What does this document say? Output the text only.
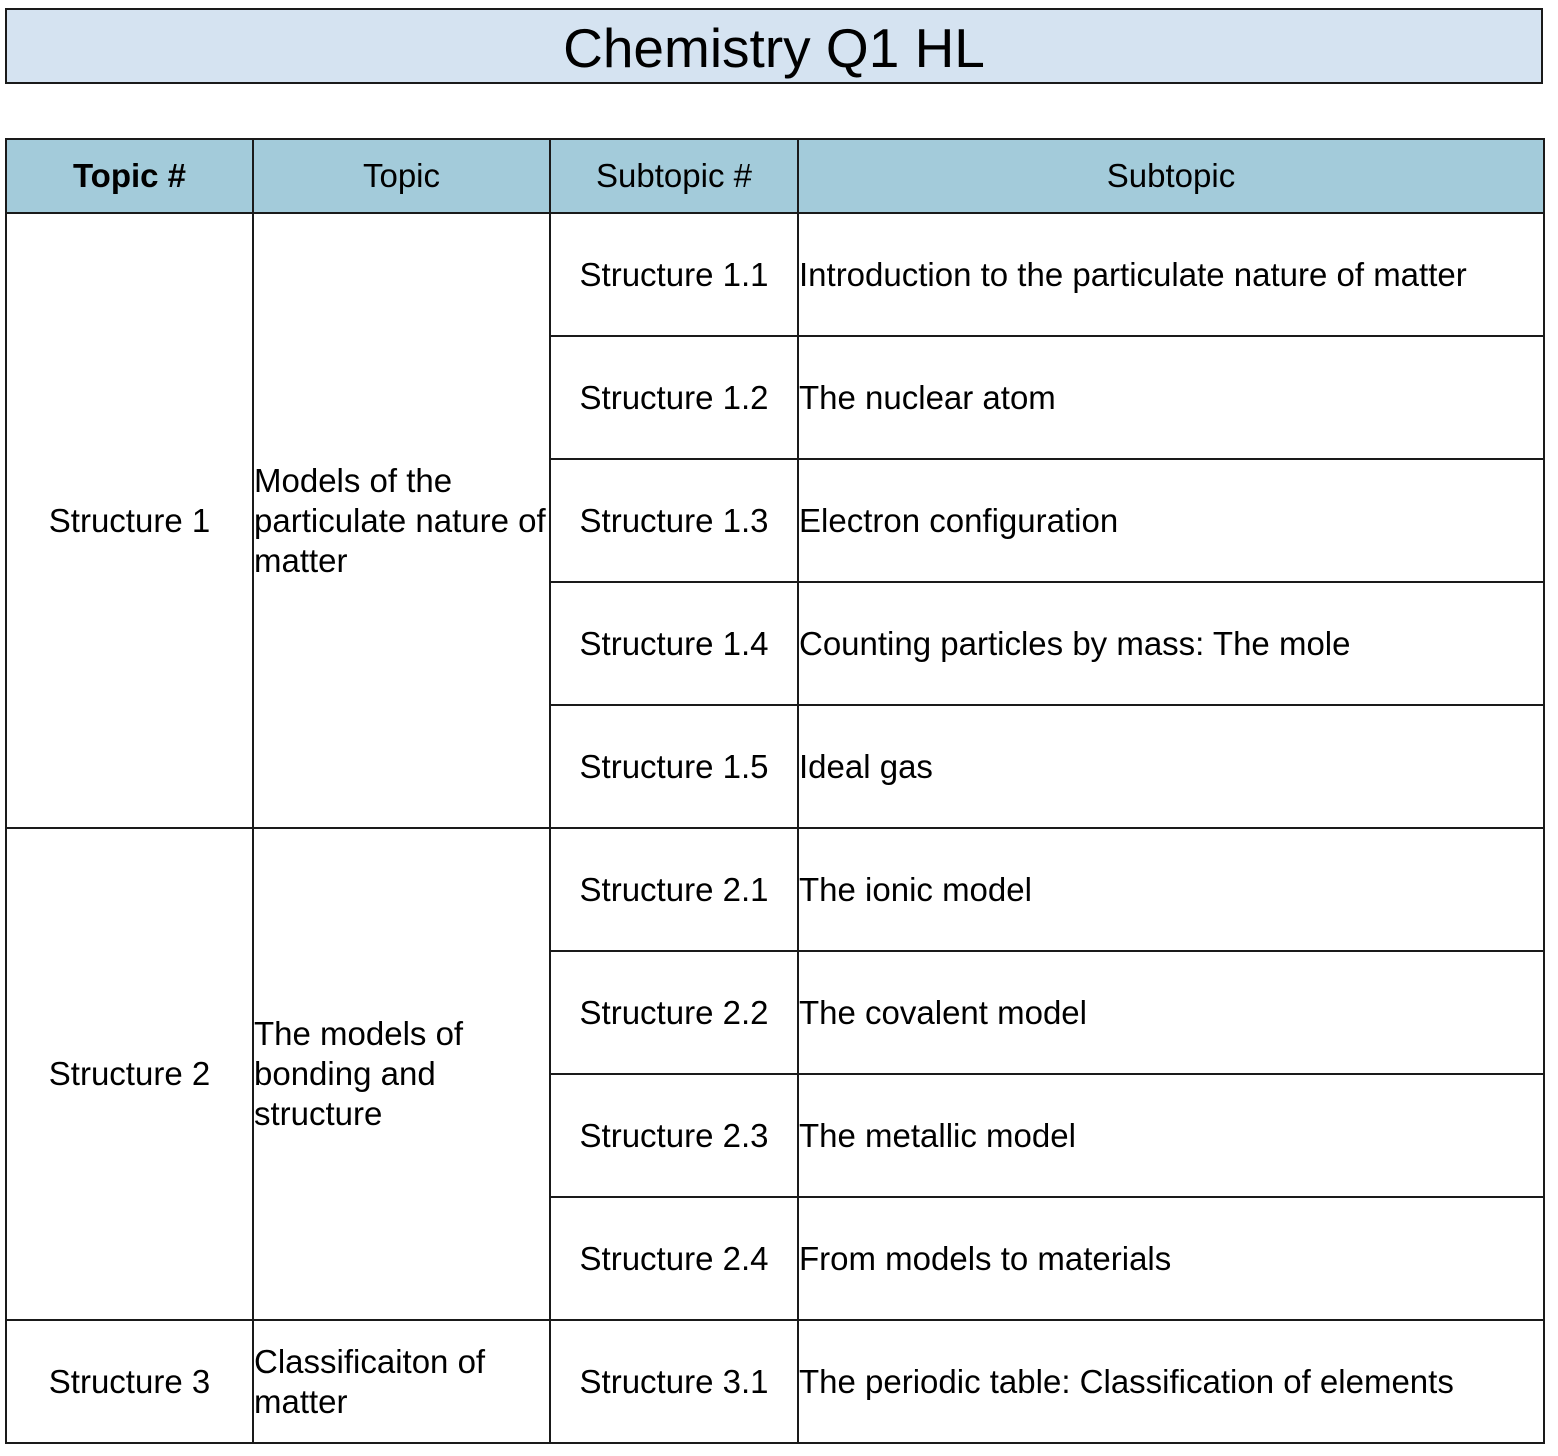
Chemistry Q1 HL
Topic #	Topic	Subtopic #	Subtopic
Structure 1	Models of the particulate nature of matter	Structure 1.1	Introduction to the particulate nature of matter
		Structure 1.2	The nuclear atom
		Structure 1.3	Electron configuration
		Structure 1.4	Counting particles by mass: The mole
		Structure 1.5	Ideal gas
Structure 2	The models of bonding and structure	Structure 2.1	The ionic model
		Structure 2.2	The covalent model
		Structure 2.3	The metallic model
		Structure 2.4	From models to materials
Structure 3	Classificaiton of matter	Structure 3.1	The periodic table: Classification of elements
